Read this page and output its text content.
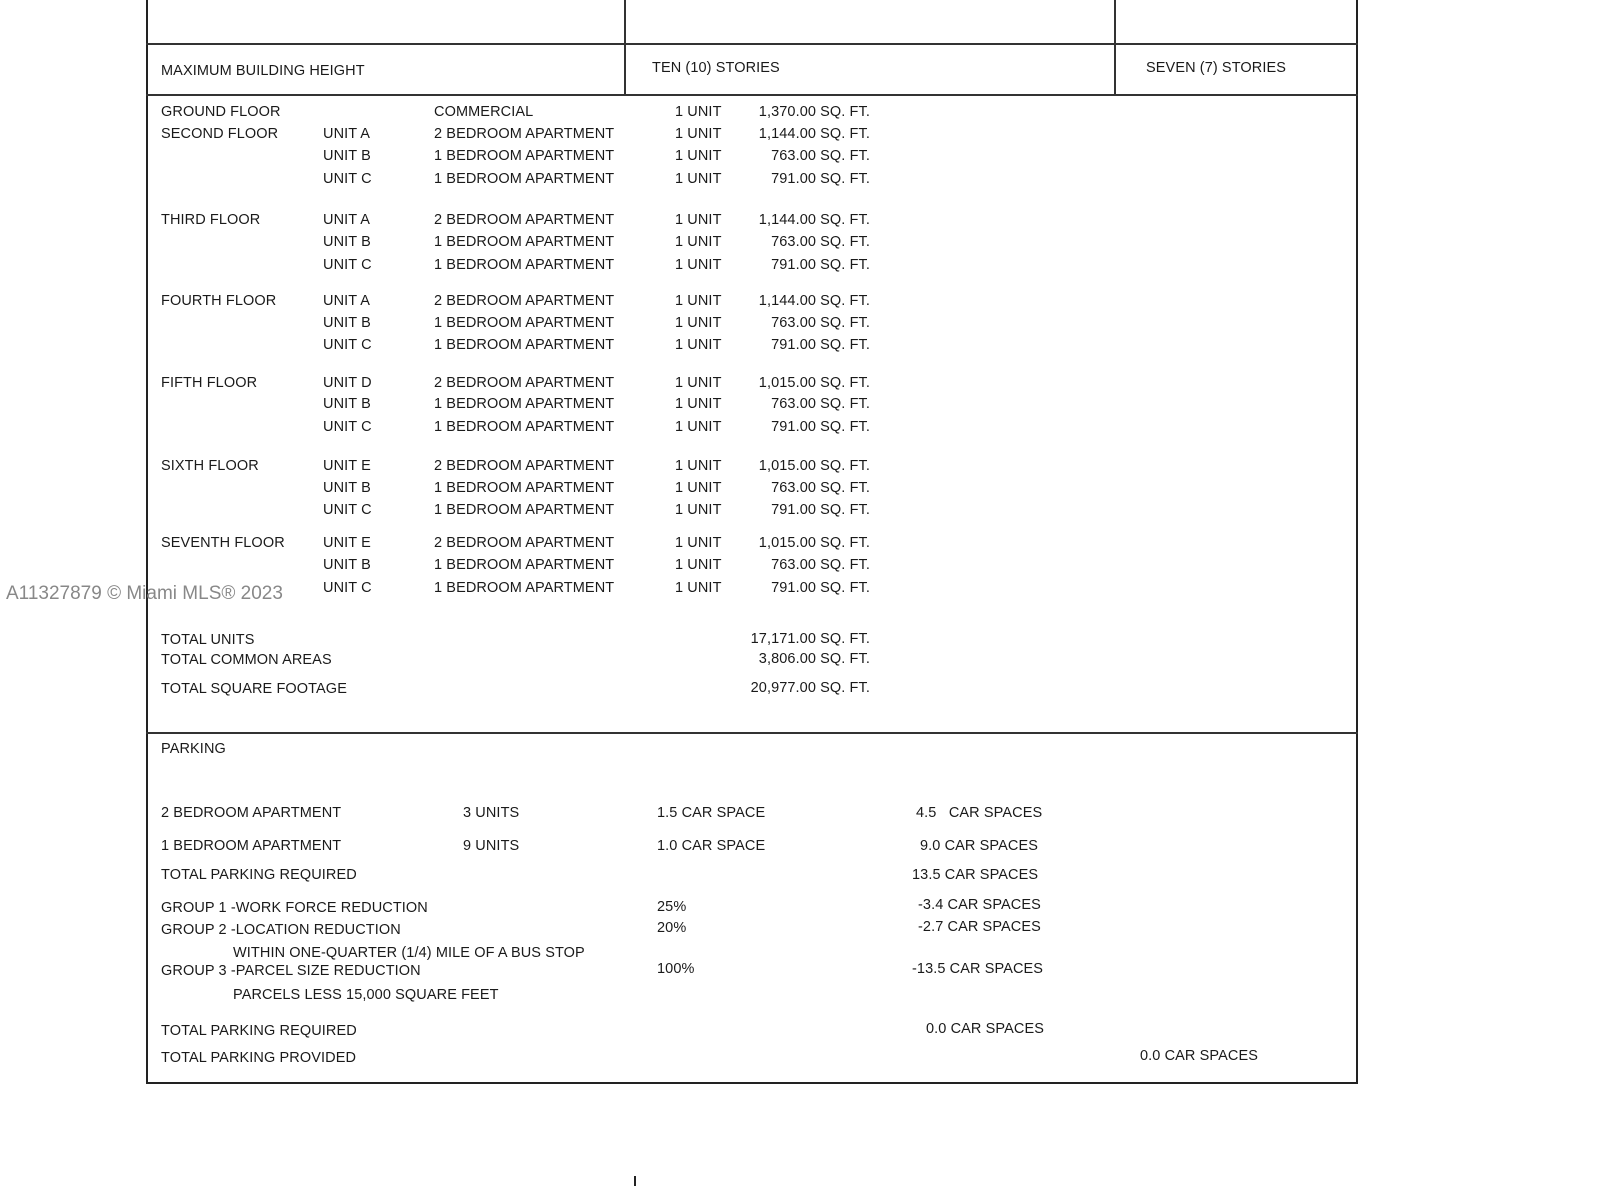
MAXIMUM BUILDING HEIGHT	TEN (10) STORIES	SEVEN (7) STORIES
GROUND FLOOR	COMMERCIAL	1 UNIT	1,370.00 SQ. FT.
SECOND FLOOR	UNIT A	2 BEDROOM APARTMENT	1 UNIT	1,144.00 SQ. FT.
UNIT B	1 BEDROOM APARTMENT	1 UNIT	763.00 SQ. FT.
UNIT C	1 BEDROOM APARTMENT	1 UNIT	791.00 SQ. FT.
THIRD FLOOR	UNIT A	2 BEDROOM APARTMENT	1 UNIT	1,144.00 SQ. FT.
UNIT B	1 BEDROOM APARTMENT	1 UNIT	763.00 SQ. FT.
UNIT C	1 BEDROOM APARTMENT	1 UNIT	791.00 SQ. FT.
FOURTH FLOOR	UNIT A	2 BEDROOM APARTMENT	1 UNIT	1,144.00 SQ. FT.
UNIT B	1 BEDROOM APARTMENT	1 UNIT	763.00 SQ. FT.
UNIT C	1 BEDROOM APARTMENT	1 UNIT	791.00 SQ. FT.
FIFTH FLOOR	UNIT D	2 BEDROOM APARTMENT	1 UNIT	1,015.00 SQ. FT.
UNIT B	1 BEDROOM APARTMENT	1 UNIT	763.00 SQ. FT.
UNIT C	1 BEDROOM APARTMENT	1 UNIT	791.00 SQ. FT.
SIXTH FLOOR	UNIT E	2 BEDROOM APARTMENT	1 UNIT	1,015.00 SQ. FT.
UNIT B	1 BEDROOM APARTMENT	1 UNIT	763.00 SQ. FT.
UNIT C	1 BEDROOM APARTMENT	1 UNIT	791.00 SQ. FT.
SEVENTH FLOOR	UNIT E	2 BEDROOM APARTMENT	1 UNIT	1,015.00 SQ. FT.
UNIT B	1 BEDROOM APARTMENT	1 UNIT	763.00 SQ. FT.
UNIT C	1 BEDROOM APARTMENT	1 UNIT	791.00 SQ. FT.
TOTAL UNITS	17,171.00 SQ. FT.
TOTAL COMMON AREAS	3,806.00 SQ. FT.
TOTAL SQUARE FOOTAGE	20,977.00 SQ. FT.
PARKING
2 BEDROOM APARTMENT	3 UNITS	1.5 CAR SPACE	4.5   CAR SPACES
1 BEDROOM APARTMENT	9 UNITS	1.0 CAR SPACE	9.0 CAR SPACES
TOTAL PARKING REQUIRED	13.5 CAR SPACES
GROUP 1 -WORK FORCE REDUCTION	25%	-3.4 CAR SPACES
GROUP 2 -LOCATION REDUCTION	20%	-2.7 CAR SPACES
WITHIN ONE-QUARTER (1/4) MILE OF A BUS STOP
GROUP 3 -PARCEL SIZE REDUCTION	100%	-13.5 CAR SPACES
PARCELS LESS 15,000 SQUARE FEET
TOTAL PARKING REQUIRED	0.0 CAR SPACES
TOTAL PARKING PROVIDED	0.0 CAR SPACES
A11327879 © Miami MLS® 2023
